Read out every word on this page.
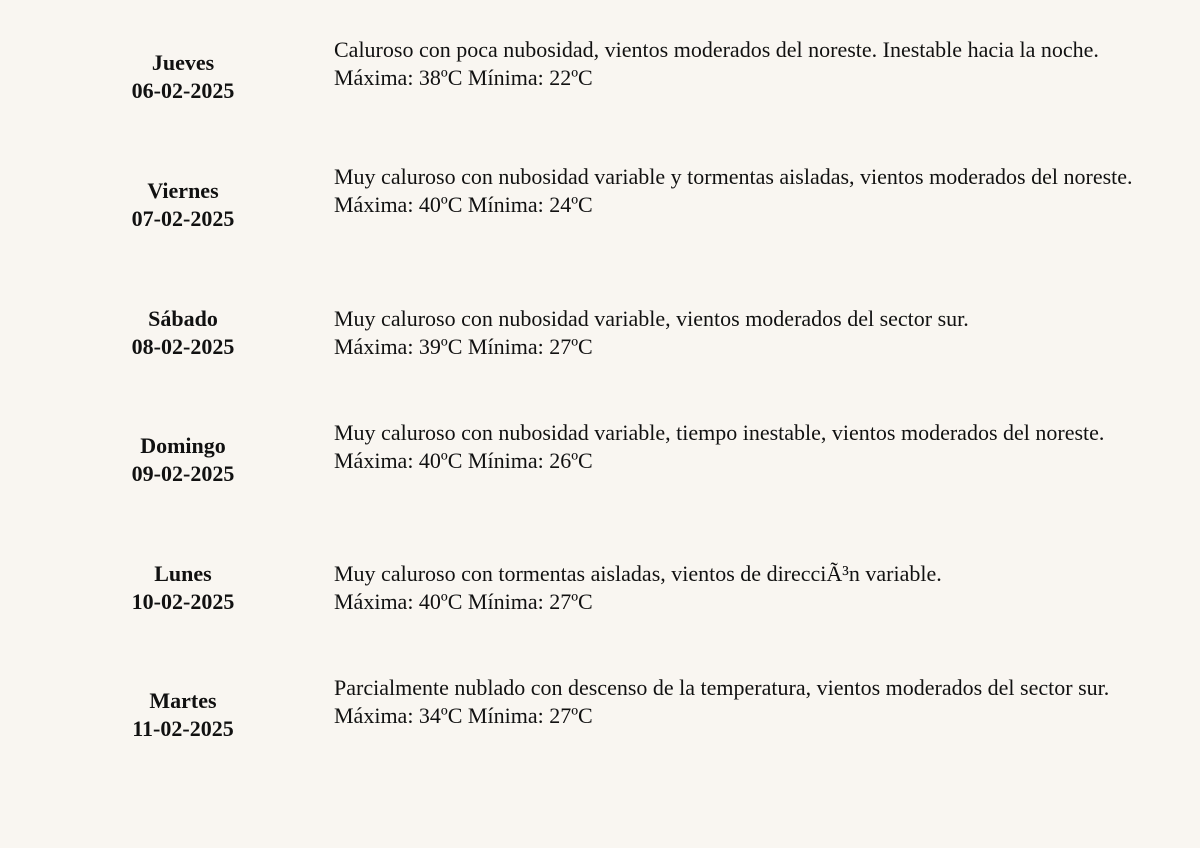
Jueves
06-02-2025
Caluroso con poca nubosidad, vientos moderados del noreste. Inestable hacia la noche.
Máxima: 38ºC Mínima: 22ºC
Viernes
07-02-2025
Muy caluroso con nubosidad variable y tormentas aisladas, vientos moderados del noreste.
Máxima: 40ºC Mínima: 24ºC
Sábado
08-02-2025
Muy caluroso con nubosidad variable, vientos moderados del sector sur.
Máxima: 39ºC Mínima: 27ºC
Domingo
09-02-2025
Muy caluroso con nubosidad variable, tiempo inestable, vientos moderados del noreste.
Máxima: 40ºC Mínima: 26ºC
Lunes
10-02-2025
Muy caluroso con tormentas aisladas, vientos de direcciÃ³n variable.
Máxima: 40ºC Mínima: 27ºC
Martes
11-02-2025
Parcialmente nublado con descenso de la temperatura, vientos moderados del sector sur.
Máxima: 34ºC Mínima: 27ºC
